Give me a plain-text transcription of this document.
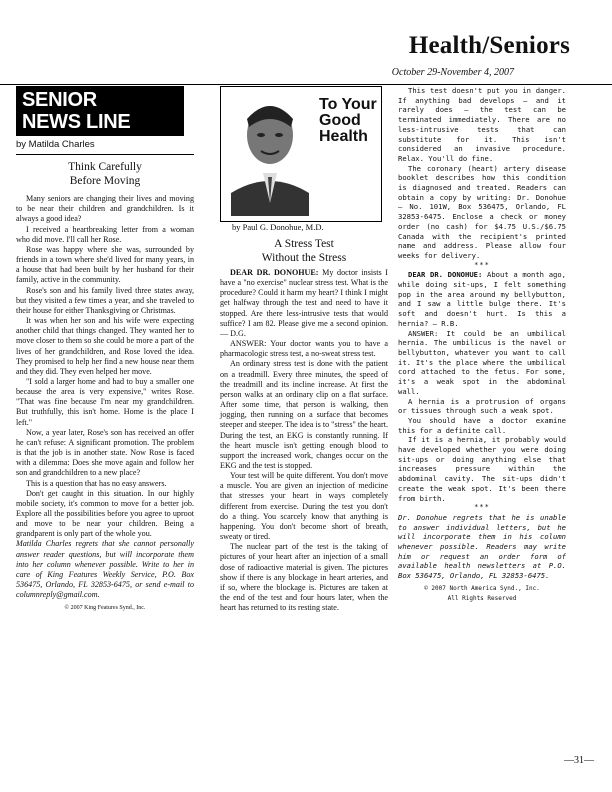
Health/Seniors
October 29-November 4, 2007
SENIOR
NEWS LINE
by Matilda Charles
Think Carefully
Before Moving

Many seniors are changing their lives and moving to be near their children and grandchildren. Is it always a good idea?

I received a heartbreaking letter from a woman who did move. I'll call her Rose.

Rose was happy where she was, surrounded by friends in a town where she'd lived for many years, in a house that had been built by her husband for their family, active in the community.

Rose's son and his family lived three states away, but they visited a few times a year, and she traveled to their house for either Thanksgiving or Christmas.

It was when her son and his wife were expecting another child that things changed. They wanted her to move closer to them so she could be more a part of the lives of her grandchildren, and Rose loved the idea. They promised to help her find a new house near them and they did. They even helped her move.

"I sold a larger home and had to buy a smaller one because the area is very expensive," writes Rose. "That was fine because I'm near my grandchildren. But truthfully, this isn't home. Home is the place I left."

Now, a year later, Rose's son has received an offer he can't refuse: A significant promotion. The problem is that the job is in another state. Now Rose is faced with a dilemma: Does she move again and follow her son and grandchildren to a new place?

This is a question that has no easy answers.

Don't get caught in this situation. In our highly mobile society, it's common to move for a better job. Explore all the possibilities before you agree to uproot and move to be near your children. Being a grandparent is only part of the whole you.

Matilda Charles regrets that she cannot personally answer reader questions, but will incorporate them into her column whenever possible. Write to her in care of King Features Weekly Service, P.O. Box 536475, Orlando, FL 32853-6475, or send e-mail to columnreply@gmail.com.

© 2007 King Features Synd., Inc.

To Your
Good
Health
by Paul G. Donohue, M.D.
A Stress Test
Without the Stress

DEAR DR. DONOHUE: My doctor insists I have a "no exercise" nuclear stress test. What is the procedure? Could it harm my heart? I think I might get halfway through the test and need to have it stopped. Are there less-intrusive tests that would suffice? I am 82. Please give me a second opinion. — D.G.

ANSWER: Your doctor wants you to have a pharmacologic stress test, a no-sweat stress test.

An ordinary stress test is done with the patient on a treadmill. Every three minutes, the speed of the treadmill and its incline increase. At first the person walks at an ordinary clip on a flat surface. After some time, that person is walking, then jogging, then running on a surface that becomes steeper and steeper. The idea is to "stress" the heart. During the test, an EKG is constantly running. If the heart muscle isn't getting enough blood to support the increased work, changes occur on the EKG and the test is stopped.

Your test will be quite different. You don't move a muscle. You are given an injection of medicine that stresses your heart in ways completely different from exercise. During the test you don't do a thing. You scarcely know that anything is happening. You don't become short of breath, sweaty or tired.

The nuclear part of the test is the taking of pictures of your heart after an injection of a small dose of radioactive material is given. The pictures show if there is any blockage in heart arteries, and if so, where the blockage is. Pictures are taken at the end of the test and four hours later, when the heart has returned to its resting state.

This test doesn't put you in danger. If anything bad develops — and it rarely does — the test can be terminated immediately. There are no less-intrusive tests that can substitute for it. This isn't considered an invasive procedure. Relax. You'll do fine.

The coronary (heart) artery disease booklet describes how this condition is diagnosed and treated. Readers can obtain a copy by writing: Dr. Donohue — No. 101W, Box 536475, Orlando, FL 32853-6475. Enclose a check or money order (no cash) for $4.75 U.S./$6.75 Canada with the recipient's printed name and address. Please allow four weeks for delivery.

***

DEAR DR. DONOHUE: About a month ago, while doing sit-ups, I felt something pop in the area around my bellybutton, and I saw a little bulge there. It's soft and doesn't hurt. Is this a hernia? — R.B.

ANSWER: It could be an umbilical hernia. The umbilicus is the navel or bellybutton, whatever you want to call it. It's the place where the umbilical cord attached to the fetus. For some, it's a weak spot in the abdominal wall.

A hernia is a protrusion of organs or tissues through such a weak spot.

You should have a doctor examine this for a definite call.

If it is a hernia, it probably would have developed whether you were doing sit-ups or doing anything else that increases pressure within the abdominal cavity. The sit-ups didn't create the weak spot. It's been there from birth.

***

Dr. Donohue regrets that he is unable to answer individual letters, but he will incorporate them in his column whenever possible. Readers may write him or request an order form of available health newsletters at P.O. Box 536475, Orlando, FL 32853-6475.

© 2007 North America Synd., Inc.

All Rights Reserved

—31—
